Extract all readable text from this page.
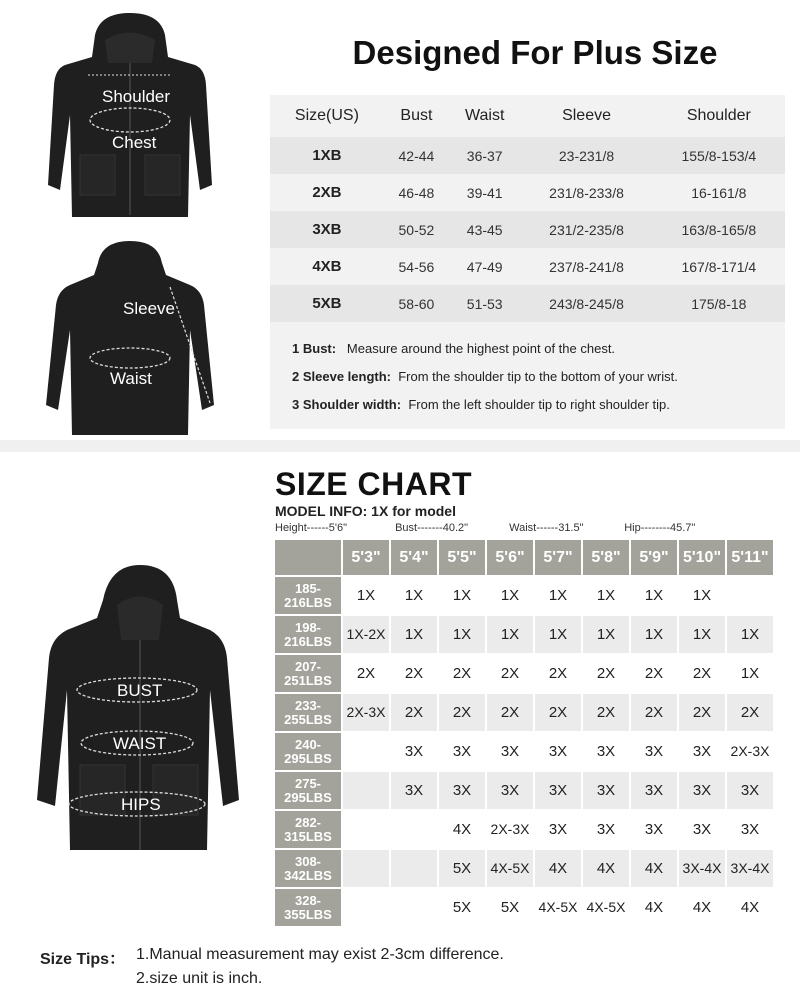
Shoulder
Chest
Sleeve
Waist
Designed For Plus Size
Size(US)	Bust	Waist	Sleeve	Shoulder
1XB	42-44	36-37	23-231/8	155/8-153/4
2XB	46-48	39-41	231/8-233/8	16-161/8
3XB	50-52	43-45	231/2-235/8	163/8-165/8
4XB	54-56	47-49	237/8-241/8	167/8-171/4
5XB	58-60	51-53	243/8-245/8	175/8-18
1 Bust: Measure around the highest point of the chest.
2 Sleeve length: From the shoulder tip to the bottom of your wrist.
3 Shoulder width: From the left shoulder tip to right shoulder tip.
BUST
WAIST
HIPS
SIZE CHART
MODEL INFO: 1X for model
Height------5'6"	Bust-------40.2"	Waist------31.5"	Hip--------45.7"
	5'3"	5'4"	5'5"	5'6"	5'7"	5'8"	5'9"	5'10"	5'11"

185-
216LBS	1X	1X	1X	1X	1X	1X	1X	1X	

198-
216LBS	1X-2X	1X	1X	1X	1X	1X	1X	1X	1X

207-
251LBS	2X	2X	2X	2X	2X	2X	2X	2X	1X

233-
255LBS	2X-3X	2X	2X	2X	2X	2X	2X	2X	2X

240-
295LBS		3X	3X	3X	3X	3X	3X	3X	2X-3X

275-
295LBS		3X	3X	3X	3X	3X	3X	3X	3X

282-
315LBS			4X	2X-3X	3X	3X	3X	3X	3X

308-
342LBS			5X	4X-5X	4X	4X	4X	3X-4X	3X-4X

328-
355LBS			5X	5X	4X-5X	4X-5X	4X	4X	4X
Size Tips： 1.Manual measurement may exist 2-3cm difference.
2.size unit is inch.
